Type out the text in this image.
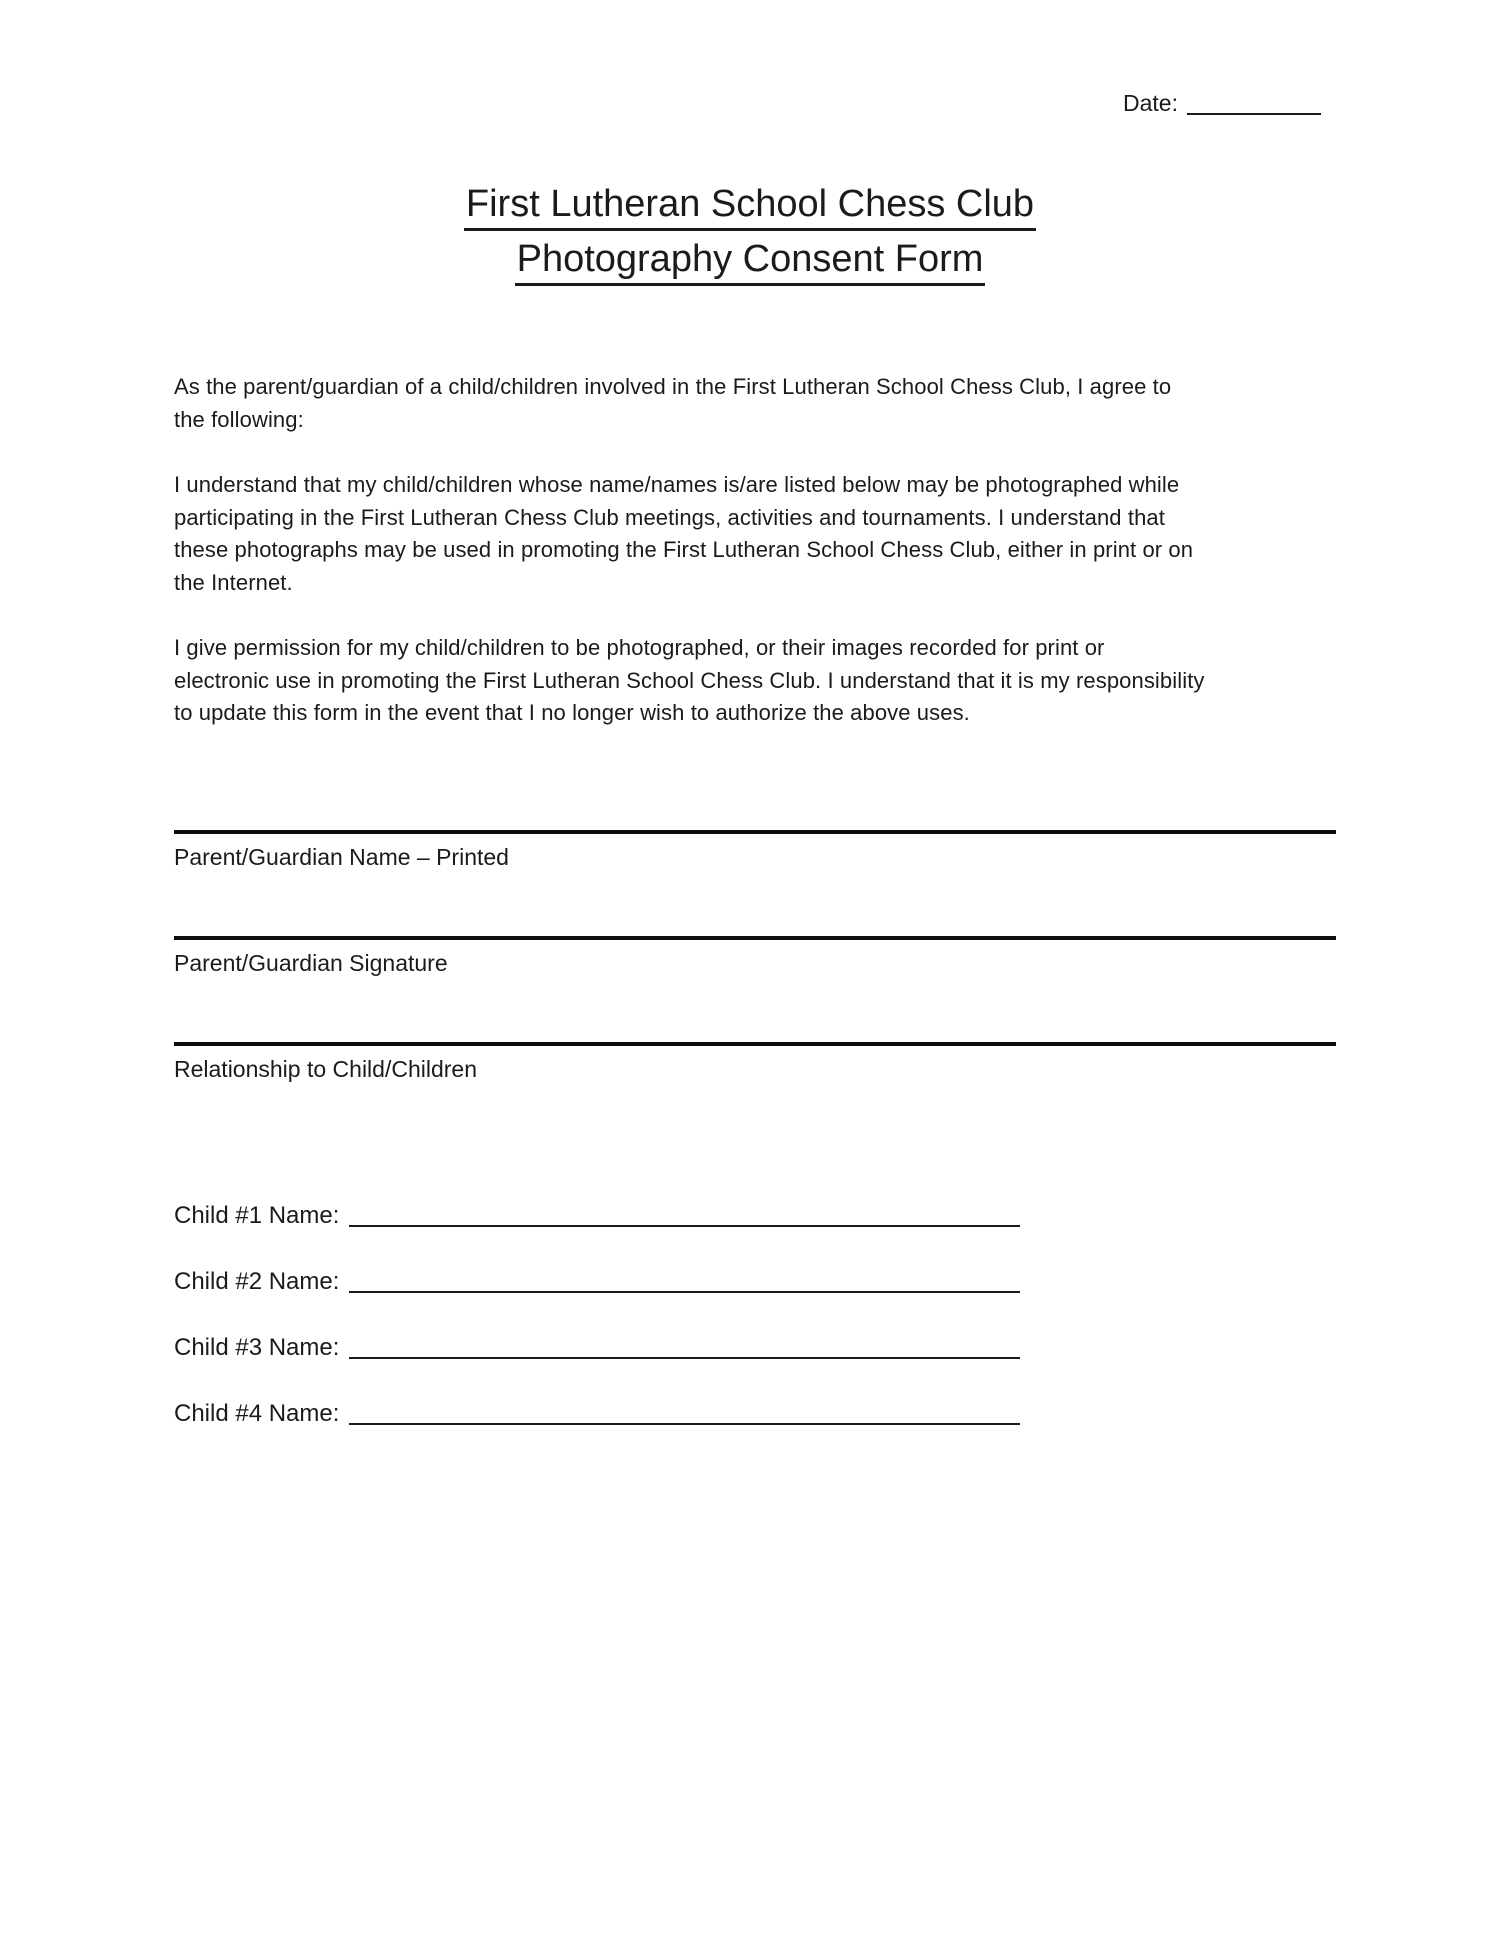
Date:
First Lutheran School Chess Club
Photography Consent Form
As the parent/guardian of a child/children involved in the First Lutheran School Chess Club, I agree to
the following:
I understand that my child/children whose name/names is/are listed below may be photographed while
participating in the First Lutheran Chess Club meetings, activities and tournaments. I understand that
these photographs may be used in promoting the First Lutheran School Chess Club, either in print or on
the Internet.
I give permission for my child/children to be photographed, or their images recorded for print or
electronic use in promoting the First Lutheran School Chess Club. I understand that it is my responsibility
to update this form in the event that I no longer wish to authorize the above uses.
Parent/Guardian Name – Printed
Parent/Guardian Signature
Relationship to Child/Children
Child #1 Name:
Child #2 Name:
Child #3 Name:
Child #4 Name:
